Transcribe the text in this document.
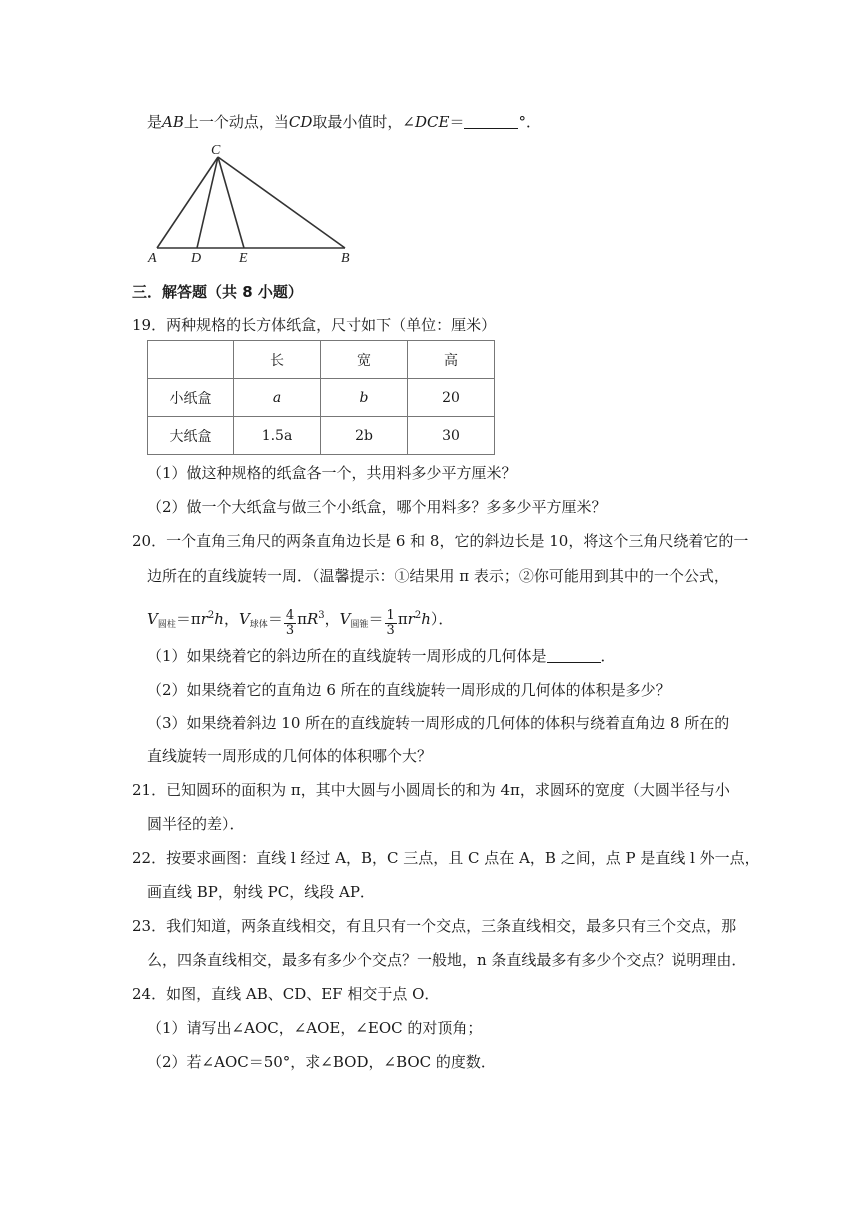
是AB上一个动点，当CD取最小值时，∠DCE＝	°．
C
A D	E	B
三．解答题（共 8 小题）
19．两种规格的长方体纸盒，尺寸如下（单位：厘米）
	长	宽	高
小纸盒	a	b	20
大纸盒	1.5a	2b	30
（1）做这种规格的纸盒各一个，共用料多少平方厘米？
（2）做一个大纸盒与做三个小纸盒，哪个用料多？多多少平方厘米？
20．一个直角三角尺的两条直角边长是 6 和 8，它的斜边长是 10，将这个三角尺绕着它的一
边所在的直线旋转一周．（温馨提示：①结果用 π 表示；②你可能用到其中的一个公式，
$V_{圆柱}=\pi r^2h$，$V_{球体}= \frac{4}{3} \pi R^3$，$V_{圆锥}= \frac{1}{3} \pi r^2h$）．
（1）如果绕着它的斜边所在的直线旋转一周形成的几何体是	．
（2）如果绕着它的直角边 6 所在的直线旋转一周形成的几何体的体积是多少？
（3）如果绕着斜边 10 所在的直线旋转一周形成的几何体的体积与绕着直角边 8 所在的
直线旋转一周形成的几何体的体积哪个大？
21．已知圆环的面积为 π，其中大圆与小圆周长的和为 4π，求圆环的宽度（大圆半径与小
圆半径的差）．
22．按要求画图：直线 l 经过 A，B，C 三点，且 C 点在 A，B 之间，点 P 是直线 l 外一点，
画直线 BP，射线 PC，线段 AP．
23．我们知道，两条直线相交，有且只有一个交点，三条直线相交，最多只有三个交点，那
么，四条直线相交，最多有多少个交点？一般地，n 条直线最多有多少个交点？说明理由．
24．如图，直线 AB、CD、EF 相交于点 O．
（1）请写出∠AOC，∠AOE，∠EOC 的对顶角；
（2）若∠AOC＝50°，求∠BOD，∠BOC 的度数．
